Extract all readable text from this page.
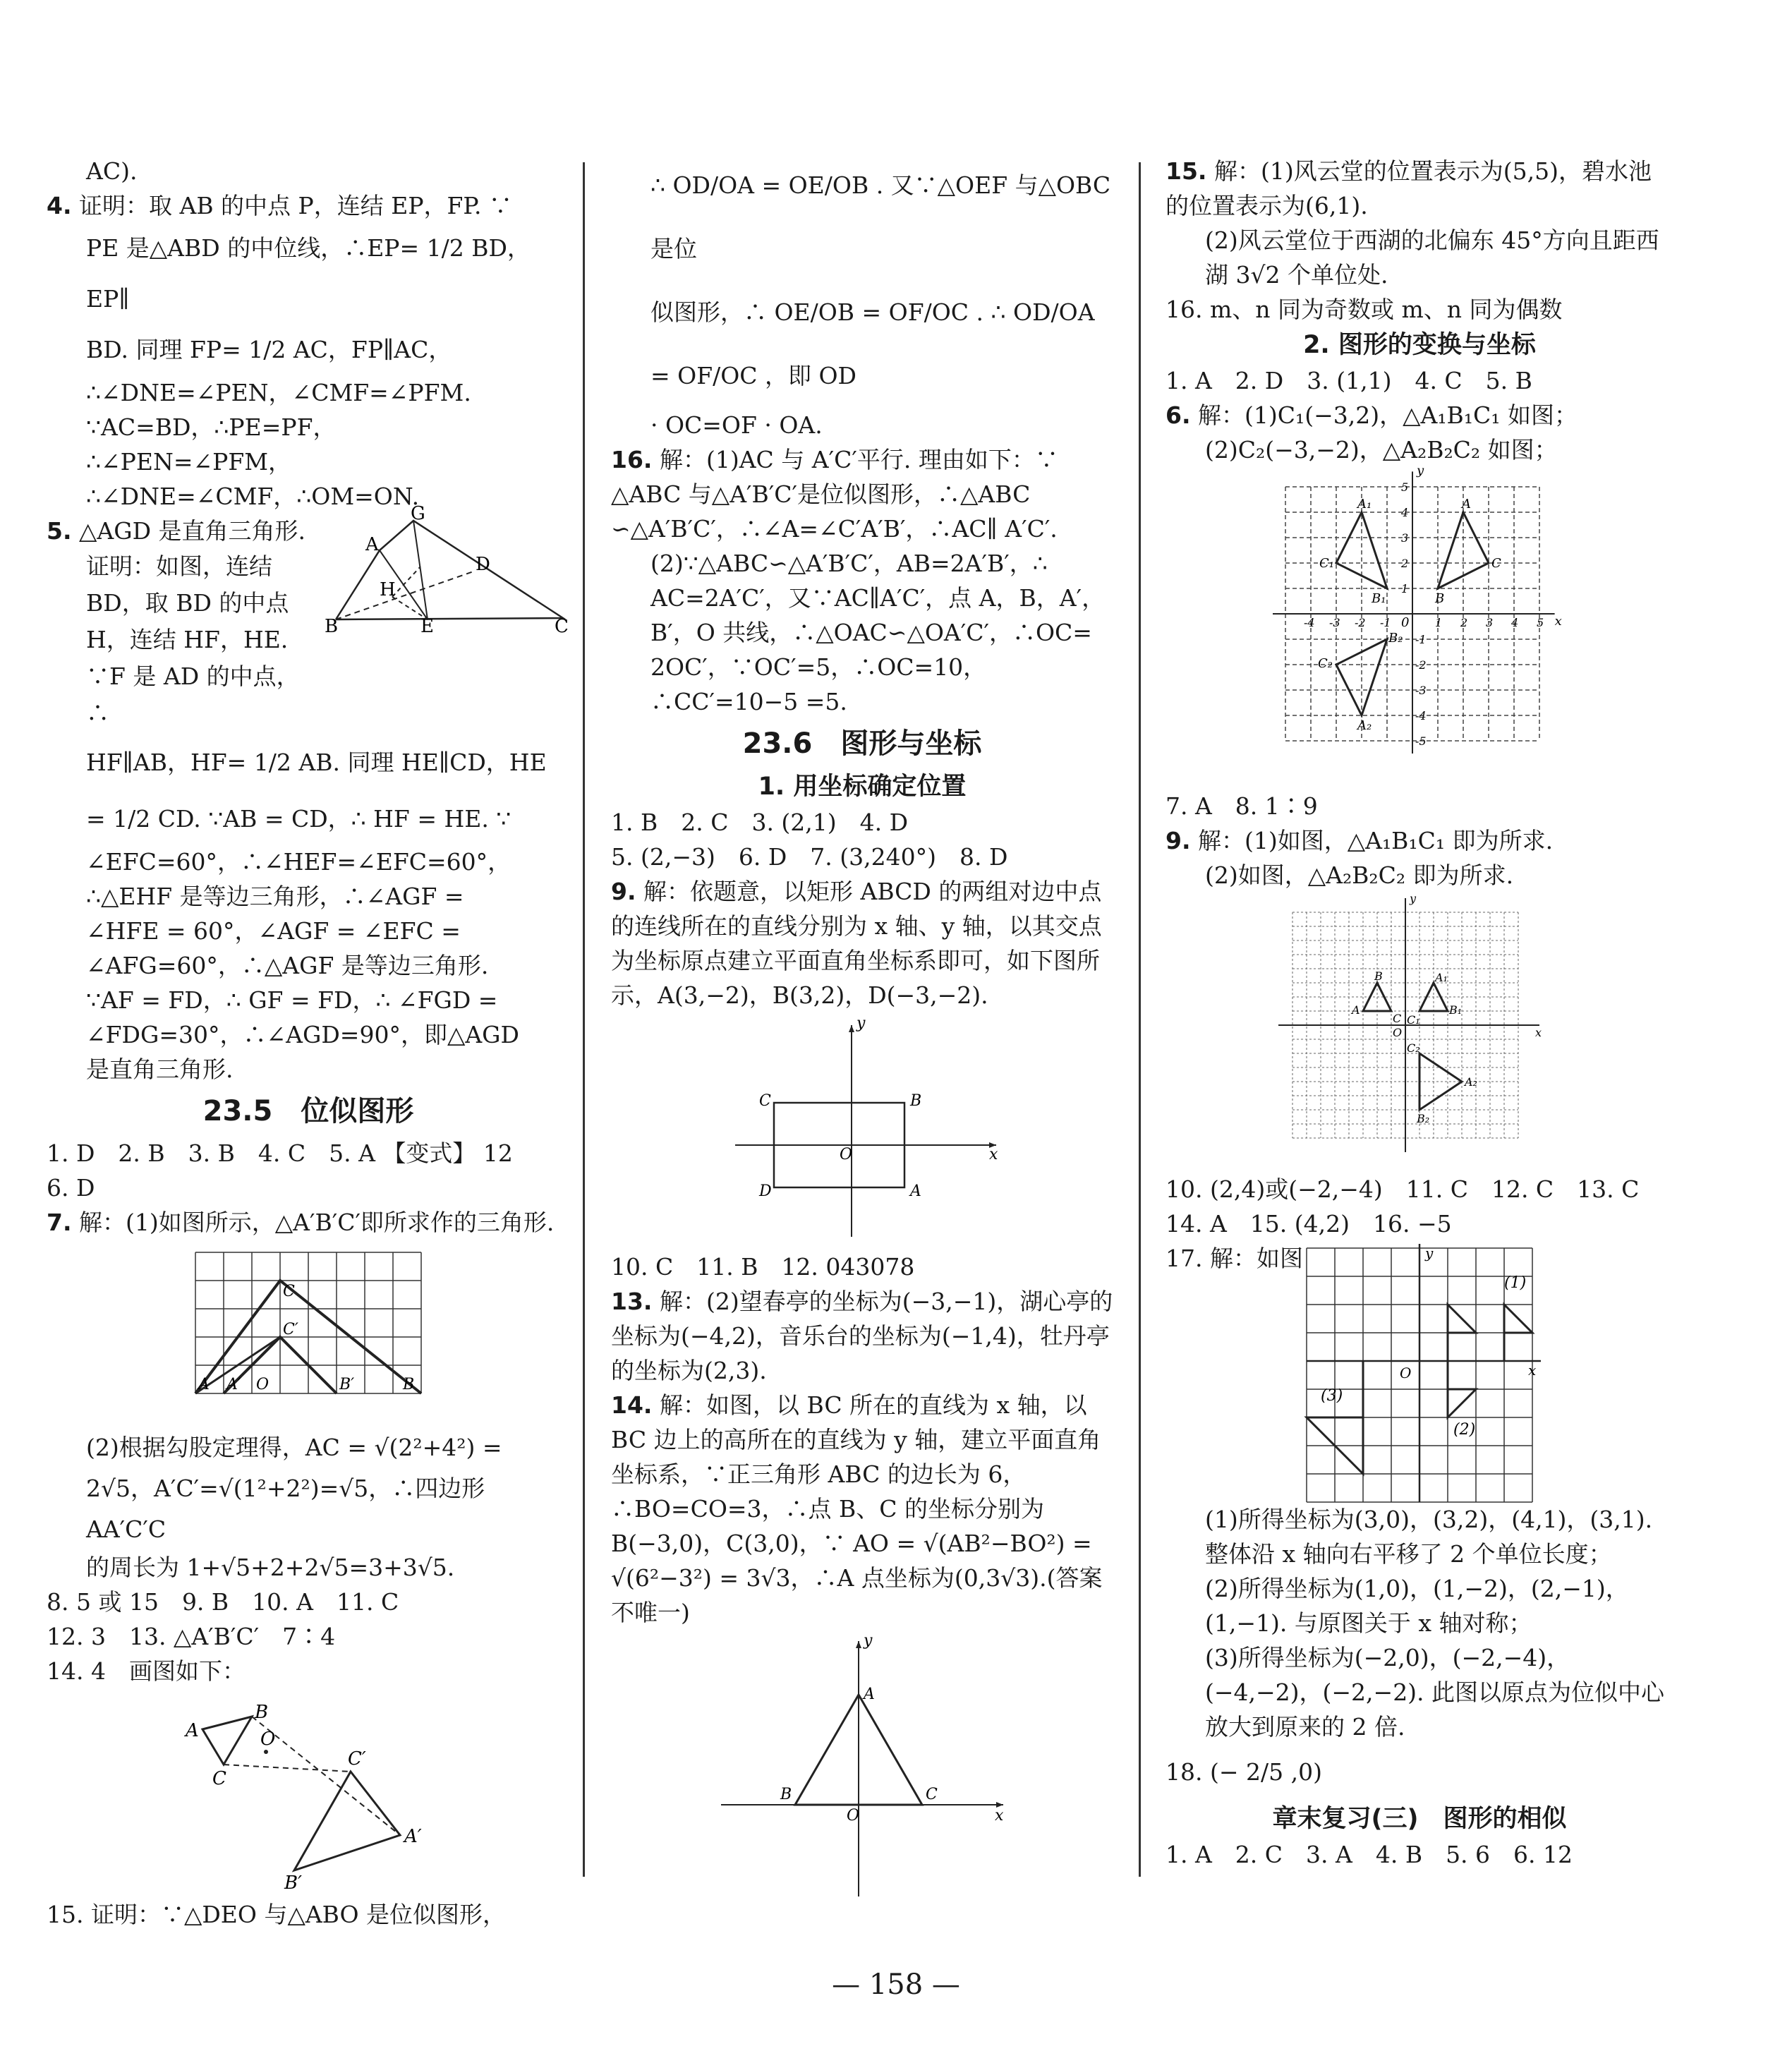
AC).

4. 证明：取 AB 的中点 P，连结 EP，FP. ∵

PE 是△ABD 的中位线，∴EP= 1/2 BD，EP∥

BD. 同理 FP= 1/2 AC，FP∥AC，

∴∠DNE=∠PEN，∠CMF=∠PFM.

∵AC=BD，∴PE=PF，

∴∠PEN=∠PFM，

∴∠DNE=∠CMF，∴OM=ON.

5. △AGD 是直角三角形.

G
A
D
H
B	E	C

证明：如图，连结 BD，取 BD 的中点 H，连结 HF，HE. ∵F 是 AD 的中点，∴

HF∥AB，HF= 1/2 AB. 同理 HE∥CD，HE

= 1/2 CD. ∵AB = CD，∴ HF = HE. ∵

∠EFC=60°，∴∠HEF=∠EFC=60°，

∴△EHF 是等边三角形，∴∠AGF =

∠HFE = 60°，∠AGF = ∠EFC =

∠AFG=60°，∴△AGF 是等边三角形.

∵AF = FD，∴ GF = FD，∴ ∠FGD =

∠FDG=30°，∴∠AGD=90°，即△AGD

是直角三角形.

23.5　位似图形

1. D　2. B　3. B　4. C　5. A 【变式】 12

6. D

7. 解：(1)如图所示，△A′B′C′即所求作的三角形.

C
C′
A A′ O	B′	B

(2)根据勾股定理得，AC = √(2²+4²) =

2√5，A′C′=√(1²+2²)=√5，∴四边形 AA′C′C

的周长为 1+√5+2+2√5=3+3√5.

8. 5 或 15　9. B　10. A　11. C

12. 3　13. △A′B′C′　7∶4

14. 4　画图如下：

A
B
C
O
C′
A′
B′

15. 证明：∵△DEO 与△ABO 是位似图形，

∴ OD/OA = OE/OB . 又∵△OEF 与△OBC 是位

似图形，∴ OE/OB = OF/OC . ∴ OD/OA = OF/OC ，即 OD

· OC=OF · OA.

16. 解：(1)AC 与 A′C′平行. 理由如下：∵ △ABC 与△A′B′C′是位似图形，∴△ABC ∽△A′B′C′，∴∠A=∠C′A′B′，∴AC∥ A′C′.

(2)∵△ABC∽△A′B′C′，AB=2A′B′，∴ AC=2A′C′，又∵AC∥A′C′，点 A，B，A′， B′，O 共线，∴△OAC∽△OA′C′，∴OC= 2OC′，∵OC′=5，∴OC=10，∴CC′=10−5 =5.

23.6　图形与坐标
1. 用坐标确定位置

1. B　2. C　3. (2,1)　4. D

5. (2,−3)　6. D　7. (3,240°)　8. D

9. 解：依题意，以矩形 ABCD 的两组对边中点的连线所在的直线分别为 x 轴、y 轴，以其交点为坐标原点建立平面直角坐标系即可，如下图所示，A(3,−2)，B(3,2)，D(−3,−2).

y
x
O
A
B
C
D

10. C　11. B　12. 043078

13. 解：(2)望春亭的坐标为(−3,−1)，湖心亭的坐标为(−4,2)，音乐台的坐标为(−1,4)，牡丹亭的坐标为(2,3).

14. 解：如图，以 BC 所在的直线为 x 轴，以 BC 边上的高所在的直线为 y 轴，建立平面直角坐标系，∵正三角形 ABC 的边长为 6，∴BO=CO=3，∴点 B、C 的坐标分别为 B(−3,0)，C(3,0)，∵ AO = √(AB²−BO²) = √(6²−3²) = 3√3，∴A 点坐标为(0,3√3).(答案不唯一)

y
x
O
A
B	C

15. 解：(1)风云堂的位置表示为(5,5)，碧水池的位置表示为(6,1).

(2)风云堂位于西湖的北偏东 45°方向且距西湖 3√2 个单位处.

16. m、n 同为奇数或 m、n 同为偶数

2. 图形的变换与坐标

1. A　2. D　3. (1,1)　4. C　5. B

6. 解：(1)C₁(−3,2)，△A₁B₁C₁ 如图；

(2)C₂(−3,−2)，△A₂B₂C₂ 如图；

y
x
0
A
A₁
C
C₁
B
B₁
C₂
B₂
A₂
1
-1
2
-2
3
-3
4
-4
5
-5
1 2 3 4 5
-1
-2
-3
-4

7. A　8. 1∶9

9. 解：(1)如图，△A₁B₁C₁ 即为所求.

(2)如图，△A₂B₂C₂ 即为所求.

y
x
O
B
A
C
A₁
B₁
C₁
A₂
B₂
C₂

10. (2,4)或(−2,−4)　11. C　12. C　13. C

14. A　15. (4,2)　16. −5

17. 解：如图	y
x
O
(1)
(2)
(3)

(1)所得坐标为(3,0)，(3,2)，(4,1)，(3,1). 整体沿 x 轴向右平移了 2 个单位长度；

(2)所得坐标为(1,0)，(1,−2)，(2,−1)，(1,−1). 与原图关于 x 轴对称；

(3)所得坐标为(−2,0)，(−2,−4)，(−4,−2)，(−2,−2). 此图以原点为位似中心放大到原来的 2 倍.

18. (− 2/5 ,0)

章末复习(三)　图形的相似

1. A　2. C　3. A　4. B　5. 6　6. 12

— 158 —
